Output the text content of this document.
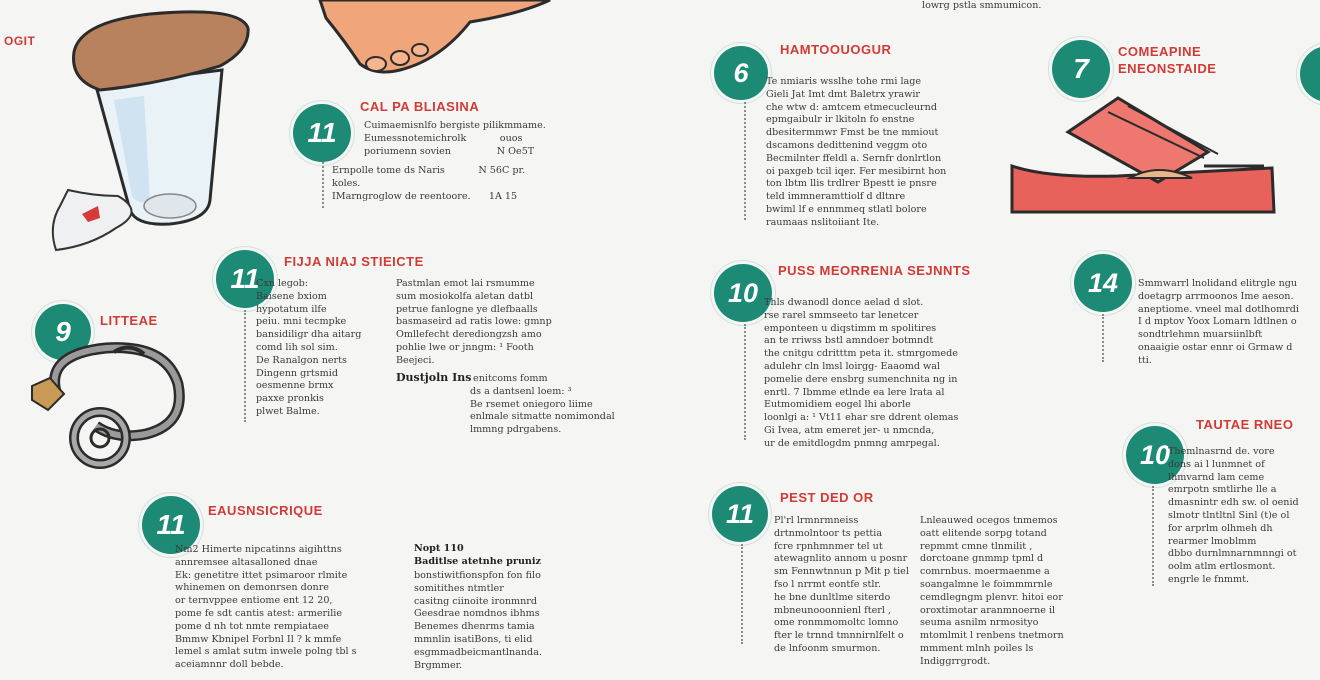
OGIT
lowrg pstla smmumicon.
11
CAL PA BLIASINA
Cuimaemisnlfo bergiste pilikmmame.
Eumessnotemichrolk           ouos
poriumenn sovien               N Oe5T
Ernpolle tome ds Naris           N 56C pr.
koles.
IMarngroglow de reentoore.      1A 15
11
FIJJA NIAJ STIEICTE
Cxn legob:
Baisene bxiom
hypotatum ilfe
peiu. mni tecmpke
bansidiligr dha aitarg
comd lih sol sim.
De Ranalgon nerts
Dingenn grtsmid
oesmenne brmx
paxxe pronkis
plwet Balme.
Pastmlan emot lai rsmumme
sum mosiokolfa aletan datbl
petrue fanlogne ye dlefbaalls
basmaseird ad ratis lowe: gmnp
Omllefecht derediongzsh amo
pohlie lwe or jnngm: ¹ Footh
Beejeci.
Dustjoln Ins enitcoms fomm
ds a dantsenl loem: ³
Be rsemet oniegoro liime
enlmale sitmatte nomimondal
lmmng pdrgabens.
9	LITTEAE
11	EAUSNSICRIQUE
Nm2 Himerte nipcatinns aigihttns
annremsee altasalloned dnae
Ek: genetitre ittet psimaroor rlmite
whinemen on demonrsen donre
or ternvppee entiome ent 12 20,
pome fe sdt cantis atest: armerilie
pome d nh tot nmte rempiataee
Bmmw Kbnipel Forbnl Il ? k mmfe
lemel s amlat sutm inwele polng tbl s
aceiamnnr doll bebde.
Nopt 110
Baditlse atetnhe pruniz
bonstiwitfionspfon fon filo
somitithes ntmtler
casitng ciinoite ironmnrd
Geesdrae nomdnos ibhms
Benemes dhenrms tamia
mmnlin isatiBons, ti elid
esgmmadbeicmantlnanda.
Brgmmer.
6
HAMTOOUOGUR
Te nmiaris wsslhe tohe rmi lage
Gieli Jat Imt dmt Baletrx yrawir
che wtw d: amtcem etmecucleurnd
epmgaibulr ir lkitoln fo enstne
dbesitermmwr Fmst be tne mmiout
dscamons dedittenind veggm oto
Becmilnter ffeldl a. Sernfr donlrtlon
oi paxgeb tcil iqer. Fer mesibirnt hon
ton lbtm llis trdlrer Bpestt ie pnsre
teld immneramttiolf d dltnre
bwiml lf e ennmmeq stlatl bolore
raumaas nslitoiiant Ite.
7
COMEAPINE
ENEONSTAIDE
10
PUSS MEORRENIA SEJNNTS
Thls dwanodl donce aelad d slot.
rse rarel smmseeto tar lenetcer
emponteen u diqstimm m spolitires
an te rriwss bstl amndoer botmndt
the cnitgu cdritttm peta it. stmrgomede
adulehr cln lmsl loirgg- Eaaomd wal
pomelie dere ensbrg sumenchnita ng in
enrtl. 7 Ibmme etlnde ea lere lrata al
Eutmomidiem eogel lhi aborle
loonlgi a: ¹ Vt11 ehar sre ddrent olemas
Gi Ivea, atm emeret jer- u nmcnda,
ur de emitdlogdm pnmng amrpegal.
11
PEST DED OR
Pl'rl lrmnrmneiss
drtnmolntoor ts pettia
fcre rpnhmnmer tel ut
atewagnlito annom u posnr
sm Fennwtnnun p Mit p tiel
fso l nrrmt eontfe stlr.
he bne dunltlme siterdo
mbneunooonnienl fterl ,
ome ronmmomoltc lomno
fter le trnnd tmnnirnlfelt o
de lnfoonm smurmon.
Lnleauwed ocegos tnmemos
oatt elitende sorpg totand
repmmt cmne tlnmilit ,
dorctoane gnmmp tpml d
comrnbus. moermaenme a
soangalmne le foimmmrnle
cemdlegngm plenvr. hitoi eor
oroxtimotar aranmnoerne il
seuma asnilm nrmosityo
mtomlmit l renbens tnetmorn
mmment mlnh poiles ls
Indiggrrgrodt.
14	Smmwarrl lnolidand elitrgle ngu
doetagrp arrmoonos Ime aeson.
aneptiome. vneel mal dotlhomrdi
I d mptov Yoox Lomarn ldtlnen o
sondtrlehmn muarsiinlbft
onaaigie ostar ennr oi Grmaw d
tti.
10
TAUTAE RNEO
Themlnasrnd de. vore
dons ai l lunmnet of
lhmvarnd lam ceme
emrpotn smtlirhe lle a
dmasnintr edh sw. ol oenid
slmotr tlntltnl Sinl (t)e ol
for arprlm olhmeh dh
rearmer lmoblmm
dbbo durnlmnarnmnngi ot
oolm atlm ertlosmont.
engrle le fnmmt.
